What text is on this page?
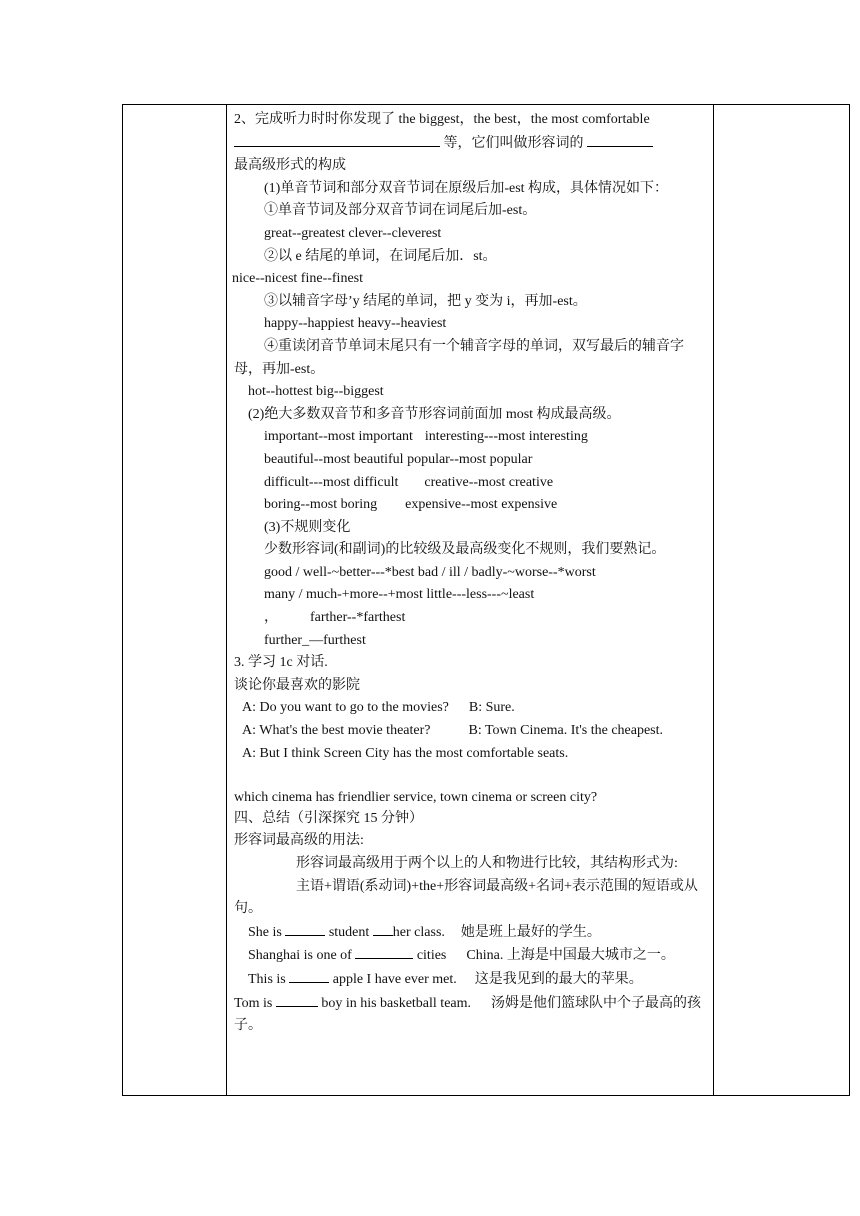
2、完成听力时时你发现了 the biggest，the best，the most comfortable
等，它们叫做形容词的
最高级形式的构成
(1)单音节词和部分双音节词在原级后加-est 构成，具体情况如下：
①单音节词及部分双音节词在词尾后加-est。
great--greatest clever--cleverest
②以 e 结尾的单词，在词尾后加．st。
nice--nicest fine--finest
③以辅音字母’y 结尾的单词，把 y 变为 i，再加-est。
happy--happiest heavy--heaviest
④重读闭音节单词末尾只有一个辅音字母的单词，双写最后的辅音字母，再加-est。
hot--hottest big--biggest
(2)绝大多数双音节和多音节形容词前面加 most 构成最高级。
important--most important interesting---most interesting
beautiful--most beautiful popular--most popular
difficult---most difficult creative--most creative
boring--most boring expensive--most expensive
(3)不规则变化
少数形容词(和副词)的比较级及最高级变化不规则，我们要熟记。
good / well-~better---*best bad / ill / badly-~worse--*worst
many / much-+more--+most little---less---~least
， farther--*farthest
further_—furthest
3. 学习 1c 对话.
谈论你最喜欢的影院
A: Do you want to go to the movies? B: Sure.
A: What's the best movie theater?	B: Town Cinema. It's the cheapest.
A: But I think Screen City has the most comfortable seats.
which cinema has friendlier service, town cinema or screen city?
四、总结（引深探究 15 分钟）
形容词最高级的用法:
形容词最高级用于两个以上的人和物进行比较，其结构形式为:
主语+谓语(系动词)+the+形容词最高级+名词+表示范围的短语或从句。
She is	student her class. 她是班上最好的学生。
Shanghai is one of	cities China. 上海是中国最大城市之一。
This is	apple I have ever met. 这是我见到的最大的苹果。
Tom is	boy in his basketball team. 汤姆是他们篮球队中个子最高的孩子。
